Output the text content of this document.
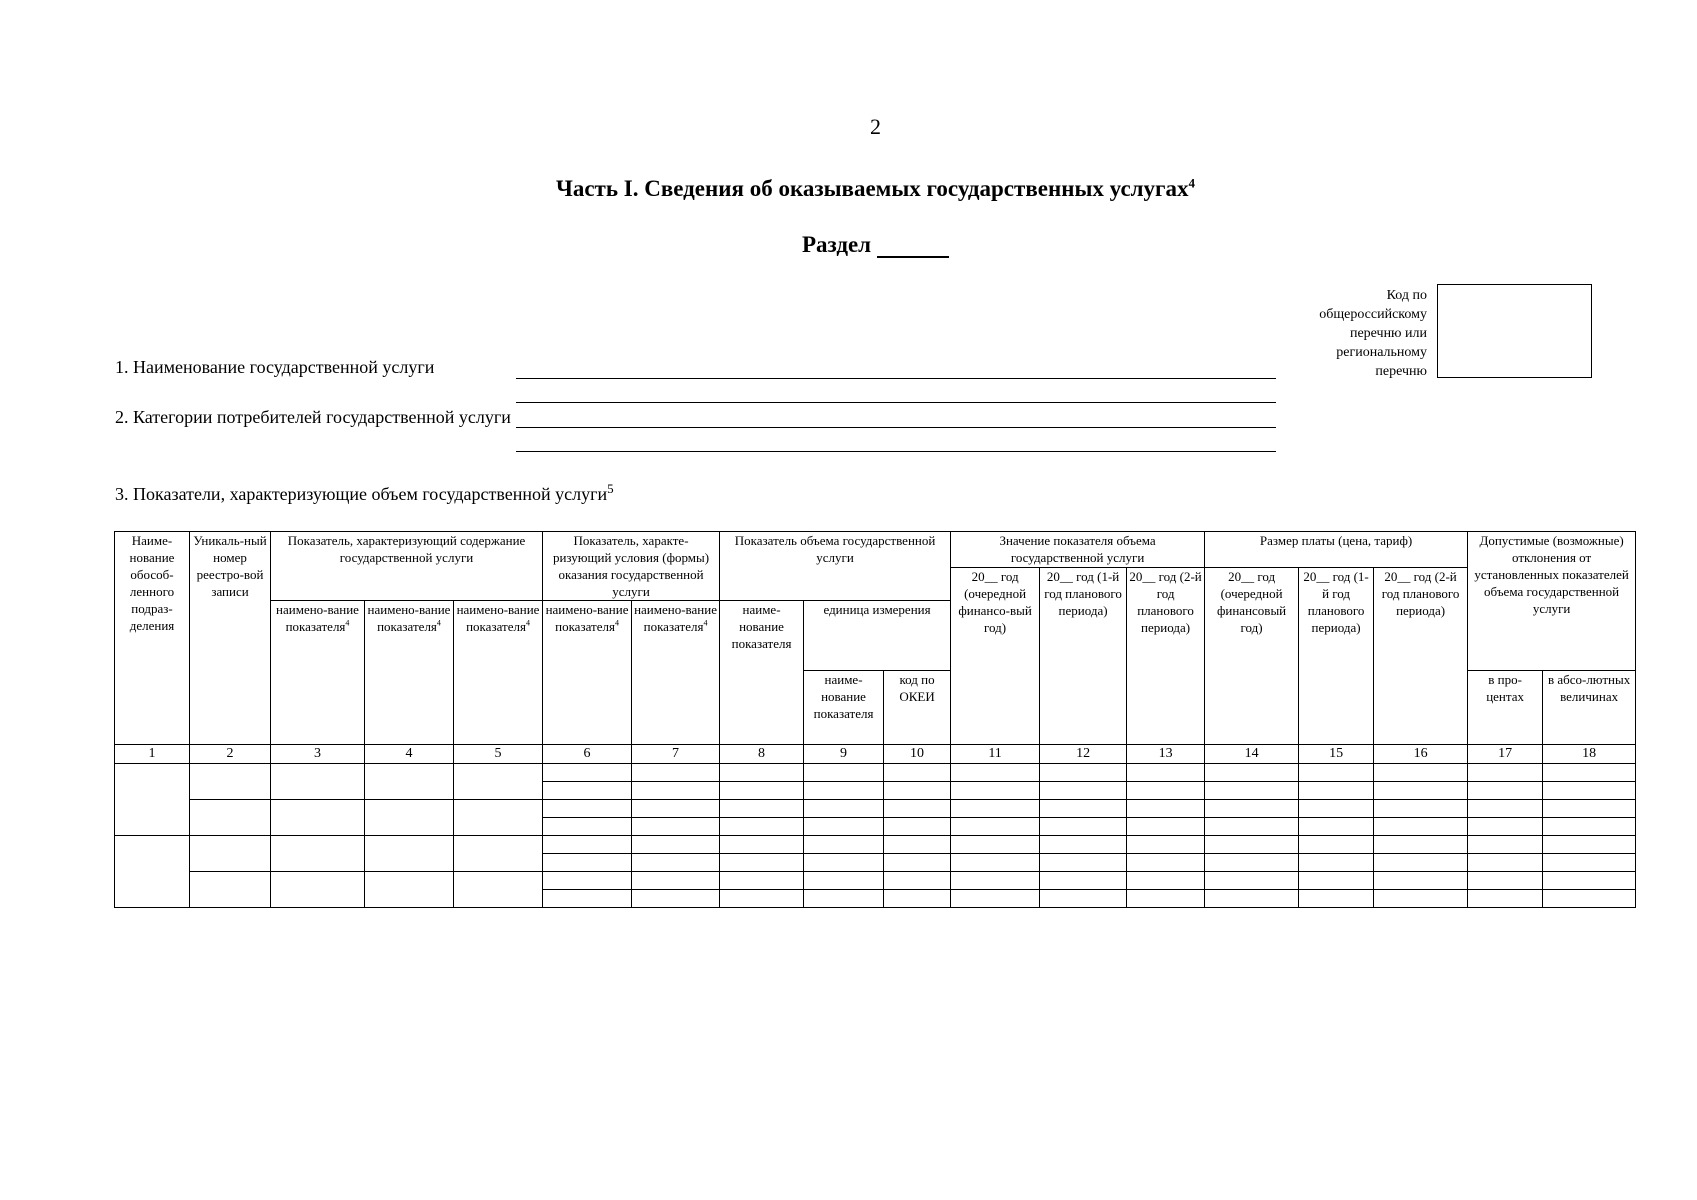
2
Часть I. Сведения об оказываемых государственных услугах$^4$
Раздел
Код по
общероссийскому
перечню или
региональному
перечню
1. Наименование государственной услуги
2. Категории потребителей государственной услуги
3. Показатели, характеризующие объем государственной услуги$^5$
Наиме-нование обособ-ленного подраз-деления	Уникаль-ный номер реестро-вой записи	Показатель, характеризующий содержание государственной услуги			Показатель, характе-ризующий условия (формы) оказания государственной услуги		Показатель объема государственной услуги			Значение показателя объема государственной услуги			Размер платы (цена, тариф)			Допустимые (возможные) отклонения от установленных показателей объема государственной услуги	
										20__ год (очередной финансо-вый год)	20__ год (1-й год планового периода)	20__ год (2-й год планового периода)	20__ год (очередной финансовый год)	20__ год (1-й год планового периода)	20__ год (2-й год планового периода)		
		наимено-вание показателя$^4$	наимено-вание показателя$^4$	наимено-вание показателя$^4$	наимено-вание показателя$^4$	наимено-вание показателя$^4$	наиме-нование показателя	единица измерения									
								наиме-нование показателя	код по ОКЕИ							в про-центах	в абсо-лютных величинах
1	2	3	4	5	6	7	8	9	10	11	12	13	14	15	16	17	18
